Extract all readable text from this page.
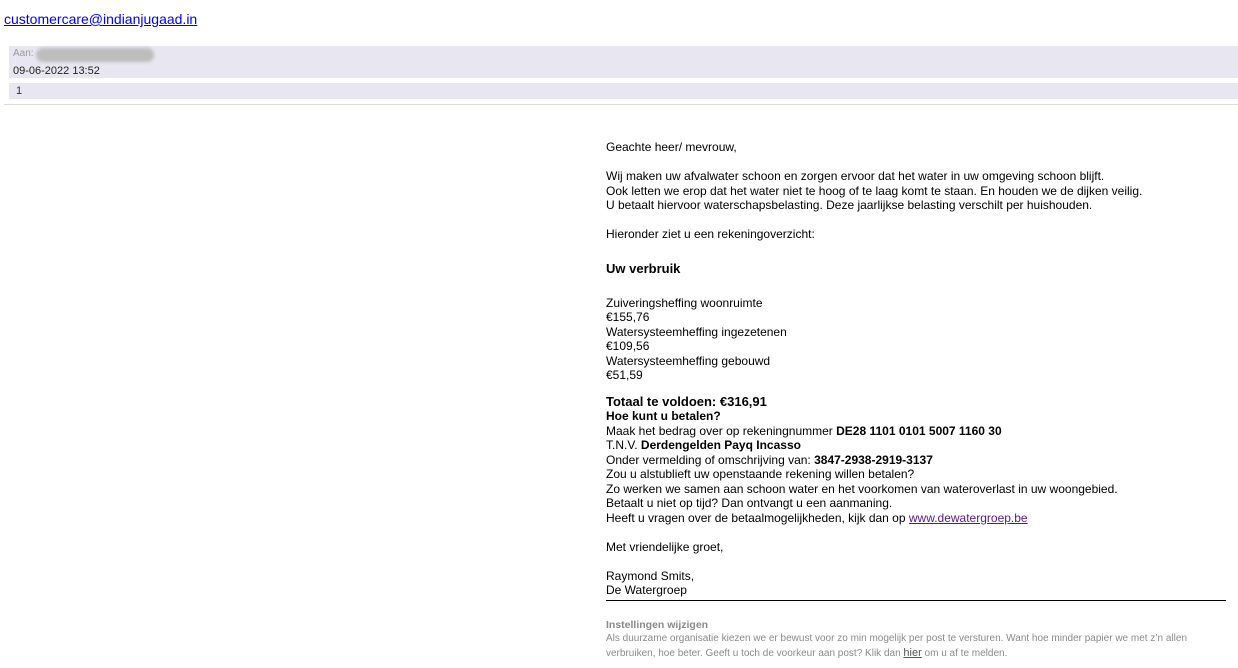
customercare@indianjugaad.in
Aan:
09-06-2022 13:52
1

Geachte heer/ mevrouw,

Wij maken uw afvalwater schoon en zorgen ervoor dat het water in uw omgeving schoon blijft.

Ook letten we erop dat het water niet te hoog of te laag komt te staan. En houden we de dijken veilig.

U betaalt hiervoor waterschapsbelasting. Deze jaarlijkse belasting verschilt per huishouden.

Hieronder ziet u een rekeningoverzicht:

Uw verbruik

Zuiveringsheffing woonruimte

€155,76

Watersysteemheffing ingezetenen

€109,56

Watersysteemheffing gebouwd

€51,59

Totaal te voldoen: €316,91

Hoe kunt u betalen?

Maak het bedrag over op rekeningnummer DE28 1101 0101 5007 1160 30

T.N.V. Derdengelden Payq Incasso

Onder vermelding of omschrijving van: 3847-2938-2919-3137

Zou u alstublieft uw openstaande rekening willen betalen?

Zo werken we samen aan schoon water en het voorkomen van wateroverlast in uw woongebied.

Betaalt u niet op tijd? Dan ontvangt u een aanmaning.

Heeft u vragen over de betaalmogelijkheden, kijk dan op www.dewatergroep.be

Met vriendelijke groet,

Raymond Smits,

De Watergroep

Instellingen wijzigen
Als duurzame organisatie kiezen we er bewust voor zo min mogelijk per post te versturen. Want hoe minder papier we met z’n allen verbruiken, hoe beter. Geeft u toch de voorkeur aan post? Klik dan hier om u af te melden.
